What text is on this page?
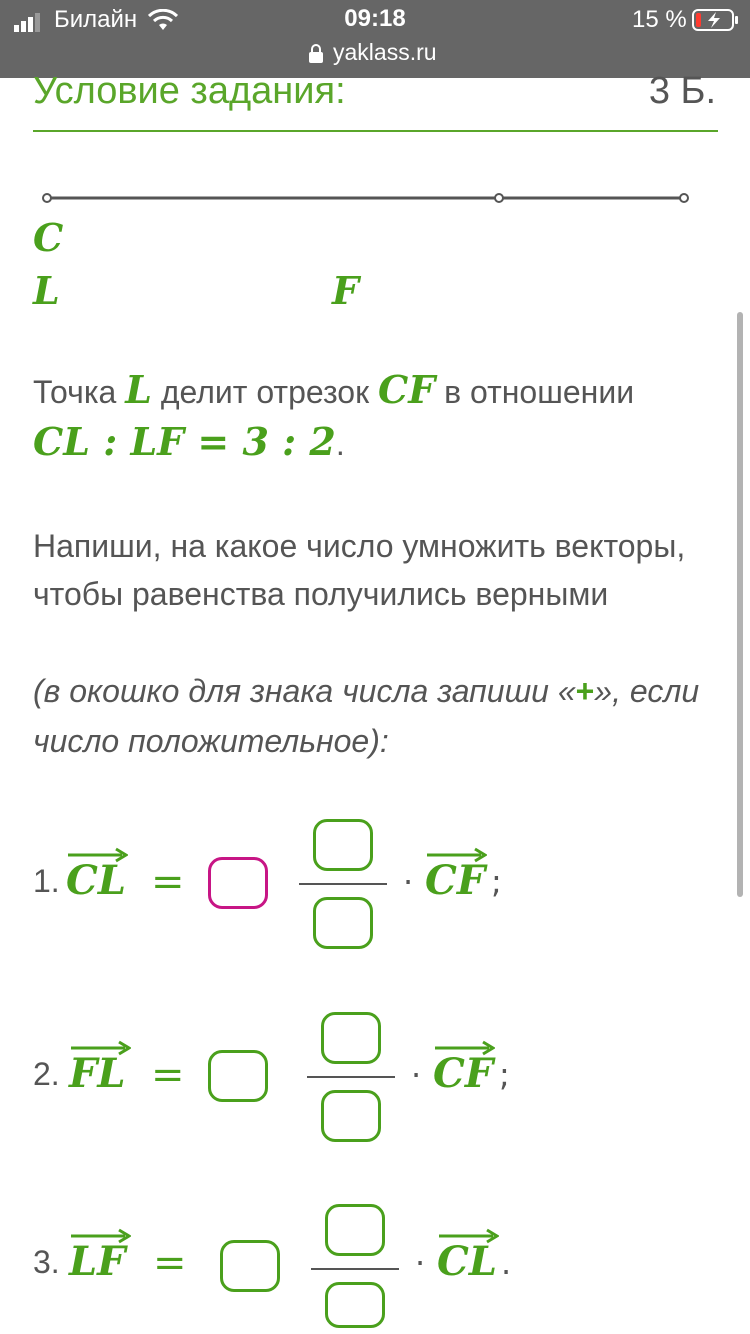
Билайн	09:18	15 %
yaklass.ru
Условие задания:	3 Б.
C
L	F
Точка L делит отрезок CF в отношении
CL : LF = 3 : 2.
Напиши, на какое число умножить векторы,
чтобы равенства получились верными
(в окошко для знака числа запиши «+», если
число положительное):
1. CL =	· CF ;
2. FL =	· CF ;
3. LF =	· CL .
